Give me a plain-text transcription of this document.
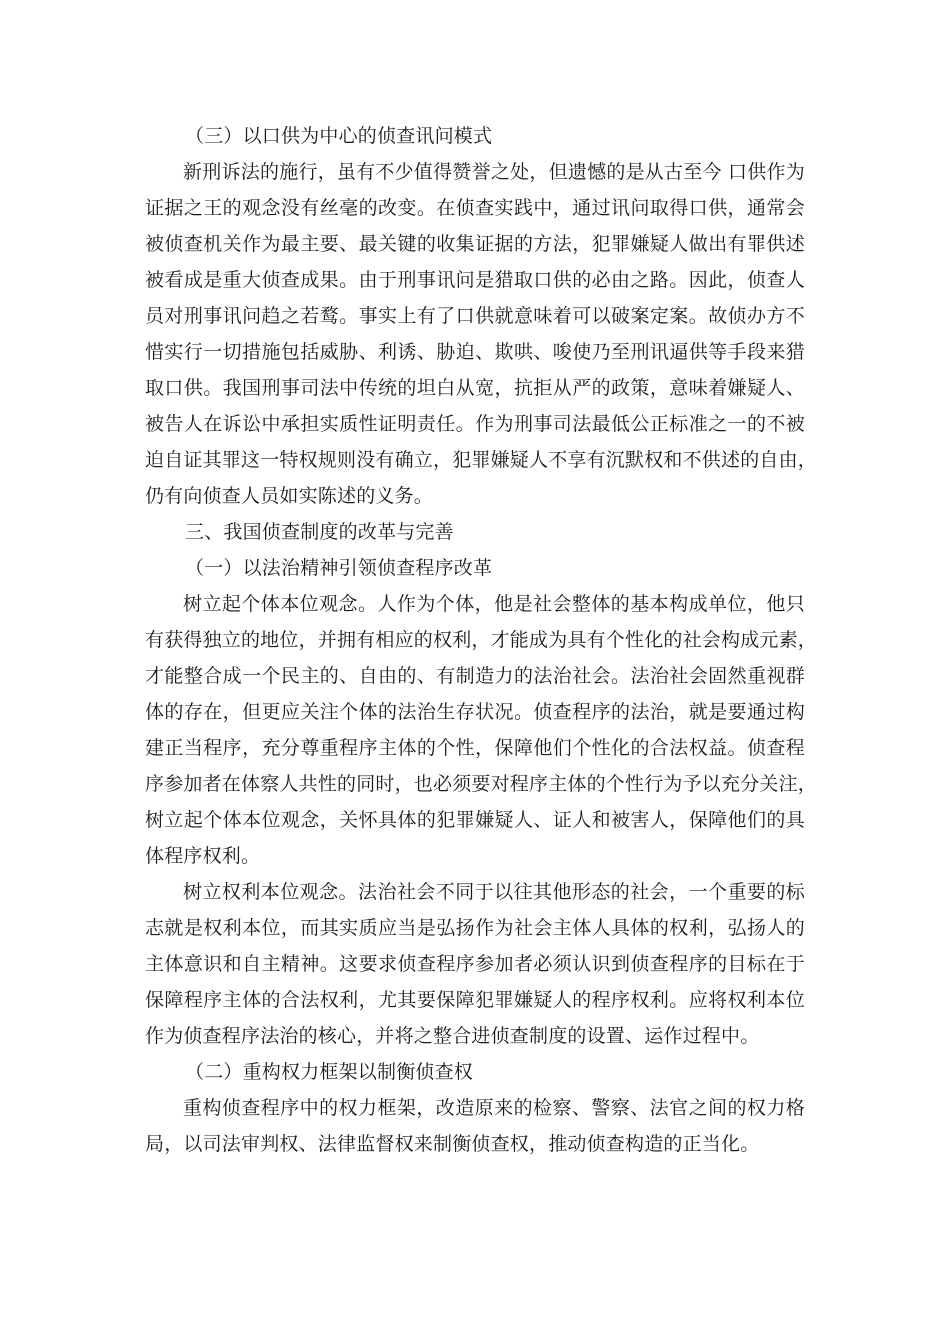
（三）以口供为中心的侦查讯问模式
新刑诉法的施行，虽有不少值得赞誉之处，但遗憾的是从古至今 口供作为
证据之王的观念没有丝毫的改变。在侦查实践中，通过讯问取得口供，通常会
被侦查机关作为最主要、最关键的收集证据的方法，犯罪嫌疑人做出有罪供述
被看成是重大侦查成果。由于刑事讯问是猎取口供的必由之路。因此，侦查人
员对刑事讯问趋之若鹜。事实上有了口供就意味着可以破案定案。故侦办方不
惜实行一切措施包括威胁、利诱、胁迫、欺哄、唆使乃至刑讯逼供等手段来猎
取口供。我国刑事司法中传统的坦白从宽，抗拒从严的政策，意味着嫌疑人、
被告人在诉讼中承担实质性证明责任。作为刑事司法最低公正标准之一的不被
迫自证其罪这一特权规则没有确立，犯罪嫌疑人不享有沉默权和不供述的自由，
仍有向侦查人员如实陈述的义务。
三、我国侦查制度的改革与完善
（一）以法治精神引领侦查程序改革
树立起个体本位观念。人作为个体，他是社会整体的基本构成单位，他只
有获得独立的地位，并拥有相应的权利，才能成为具有个性化的社会构成元素，
才能整合成一个民主的、自由的、有制造力的法治社会。法治社会固然重视群
体的存在，但更应关注个体的法治生存状况。侦查程序的法治，就是要通过构
建正当程序，充分尊重程序主体的个性，保障他们个性化的合法权益。侦查程
序参加者在体察人共性的同时，也必须要对程序主体的个性行为予以充分关注，
树立起个体本位观念，关怀具体的犯罪嫌疑人、证人和被害人，保障他们的具
体程序权利。
树立权利本位观念。法治社会不同于以往其他形态的社会，一个重要的标
志就是权利本位，而其实质应当是弘扬作为社会主体人具体的权利，弘扬人的
主体意识和自主精神。这要求侦查程序参加者必须认识到侦查程序的目标在于
保障程序主体的合法权利，尤其要保障犯罪嫌疑人的程序权利。应将权利本位
作为侦查程序法治的核心，并将之整合进侦查制度的设置、运作过程中。
（二）重构权力框架以制衡侦查权
重构侦查程序中的权力框架，改造原来的检察、警察、法官之间的权力格
局，以司法审判权、法律监督权来制衡侦查权，推动侦查构造的正当化。
